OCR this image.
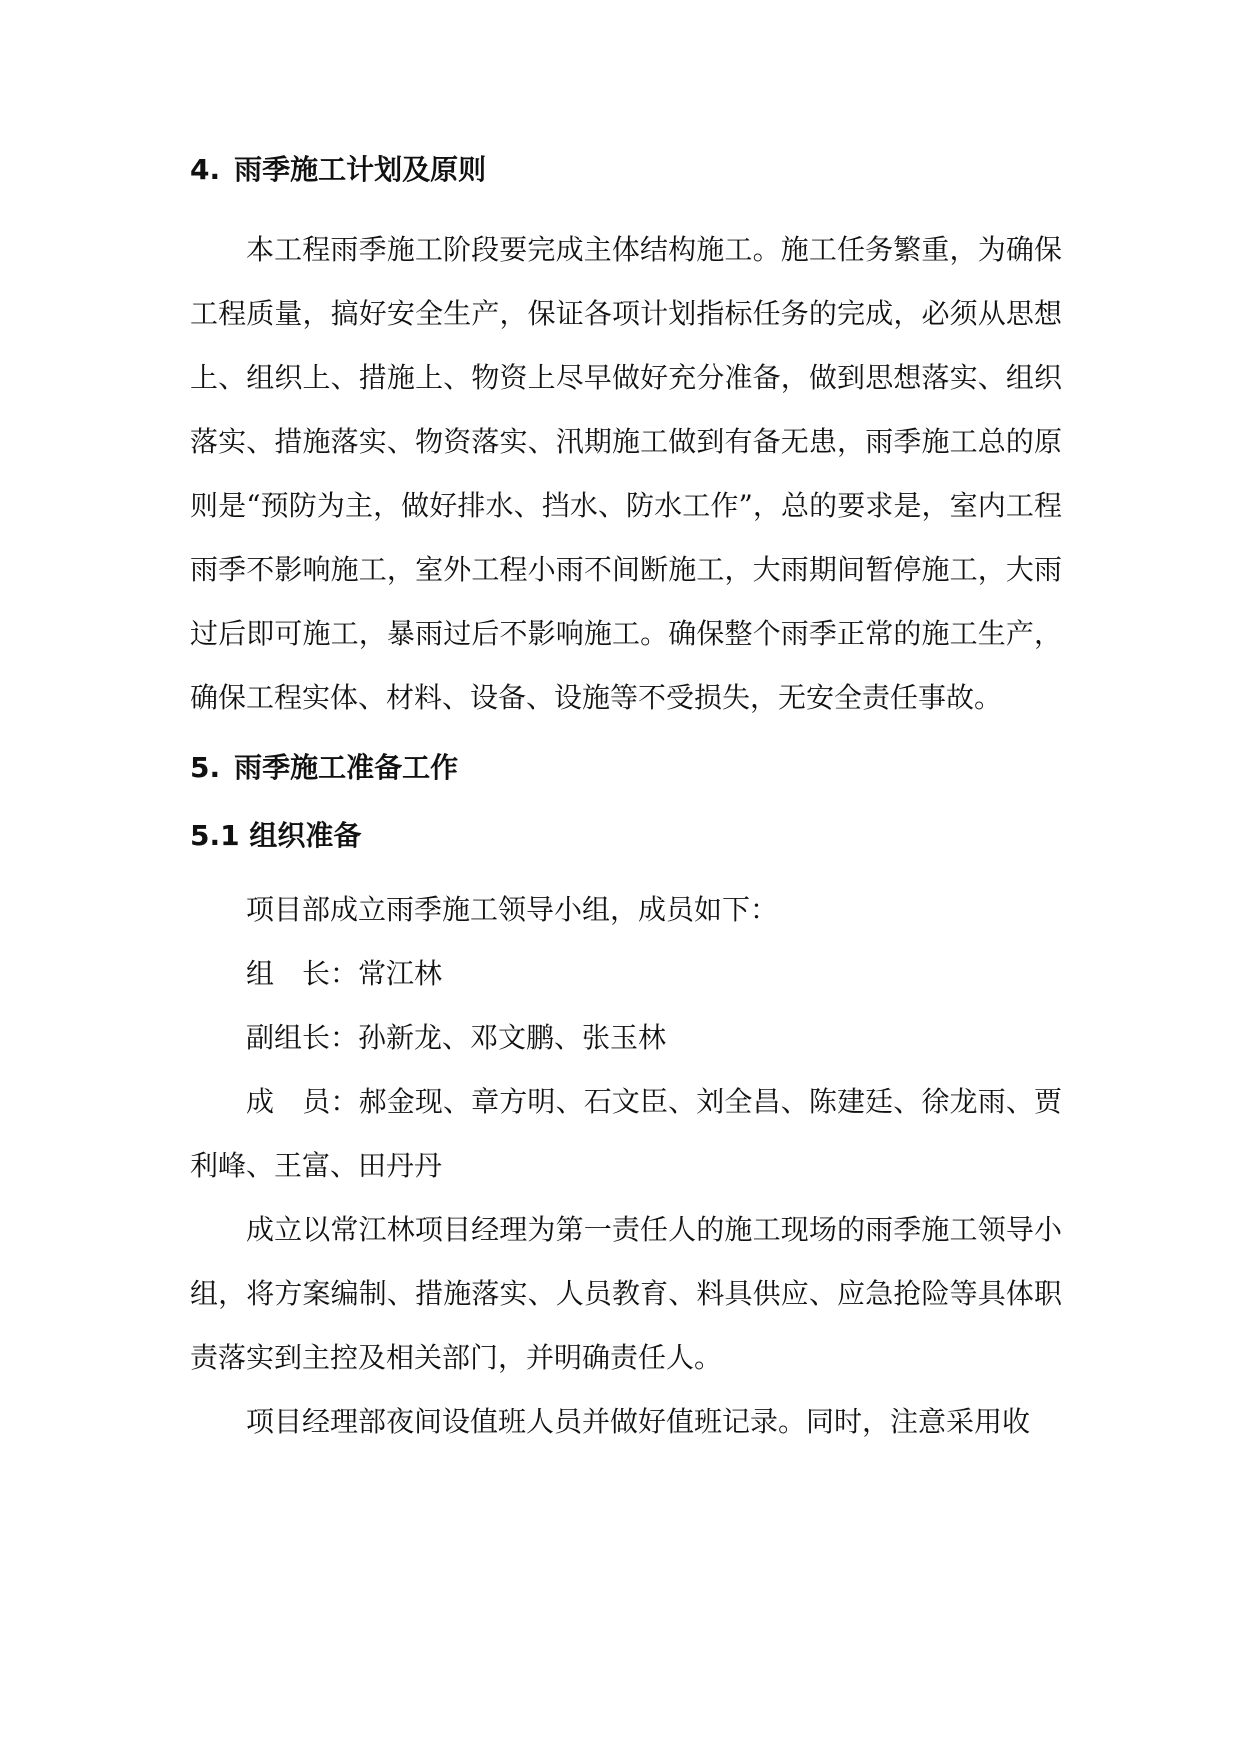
4. 雨季施工计划及原则

本工程雨季施工阶段要完成主体结构施工。施工任务繁重，为确保工程质量，搞好安全生产，保证各项计划指标任务的完成，必须从思想上、组织上、措施上、物资上尽早做好充分准备，做到思想落实、组织落实、措施落实、物资落实、汛期施工做到有备无患，雨季施工总的原则是“预防为主，做好排水、挡水、防水工作”，总的要求是，室内工程雨季不影响施工，室外工程小雨不间断施工，大雨期间暂停施工，大雨过后即可施工，暴雨过后不影响施工。确保整个雨季正常的施工生产，确保工程实体、材料、设备、设施等不受损失，无安全责任事故。

5. 雨季施工准备工作
5.1 组织准备

项目部成立雨季施工领导小组，成员如下：

组　长：常江林

副组长：孙新龙、邓文鹏、张玉林

成　员：郝金现、章方明、石文臣、刘全昌、陈建廷、徐龙雨、贾利峰、王富、田丹丹

成立以常江林项目经理为第一责任人的施工现场的雨季施工领导小组，将方案编制、措施落实、人员教育、料具供应、应急抢险等具体职责落实到主控及相关部门，并明确责任人。

项目经理部夜间设值班人员并做好值班记录。同时，注意采用收
